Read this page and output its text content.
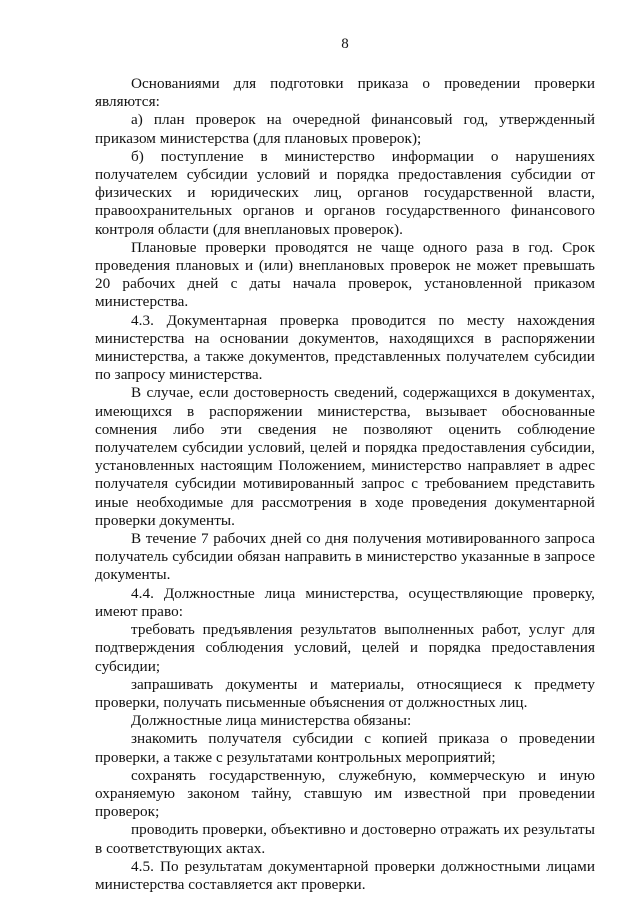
8

Основаниями для подготовки приказа о проведении проверки являются:

а) план проверок на очередной финансовый год, утвержденный приказом министерства (для плановых проверок);

б) поступление в министерство информации о нарушениях получателем субсидии условий и порядка предоставления субсидии от физических и юридических лиц, органов государственной власти, правоохранительных органов и органов государственного финансового контроля области (для внеплановых проверок).

Плановые проверки проводятся не чаще одного раза в год. Срок проведения плановых и (или) внеплановых проверок не может превышать 20 рабочих дней с даты начала проверок, установленной приказом министерства.

4.3. Документарная проверка проводится по месту нахождения министерства на основании документов, находящихся в распоряжении министерства, а также документов, представленных получателем субсидии по запросу министерства.

В случае, если достоверность сведений, содержащихся в документах, имеющихся в распоряжении министерства, вызывает обоснованные сомнения либо эти сведения не позволяют оценить соблюдение получателем субсидии условий, целей и порядка предоставления субсидии, установленных настоящим Положением, министерство направляет в адрес получателя субсидии мотивированный запрос с требованием представить иные необходимые для рассмотрения в ходе проведения документарной проверки документы.

В течение 7 рабочих дней со дня получения мотивированного запроса получатель субсидии обязан направить в министерство указанные в запросе документы.

4.4. Должностные лица министерства, осуществляющие проверку, имеют право:

требовать предъявления результатов выполненных работ, услуг для подтверждения соблюдения условий, целей и порядка предоставления субсидии;

запрашивать документы и материалы, относящиеся к предмету проверки, получать письменные объяснения от должностных лиц.

Должностные лица министерства обязаны:

знакомить получателя субсидии с копией приказа о проведении проверки, а также с результатами контрольных мероприятий;

сохранять государственную, служебную, коммерческую и иную охраняемую законом тайну, ставшую им известной при проведении проверок;

проводить проверки, объективно и достоверно отражать их результаты в соответствующих актах.

4.5. По результатам документарной проверки должностными лицами министерства составляется акт проверки.
